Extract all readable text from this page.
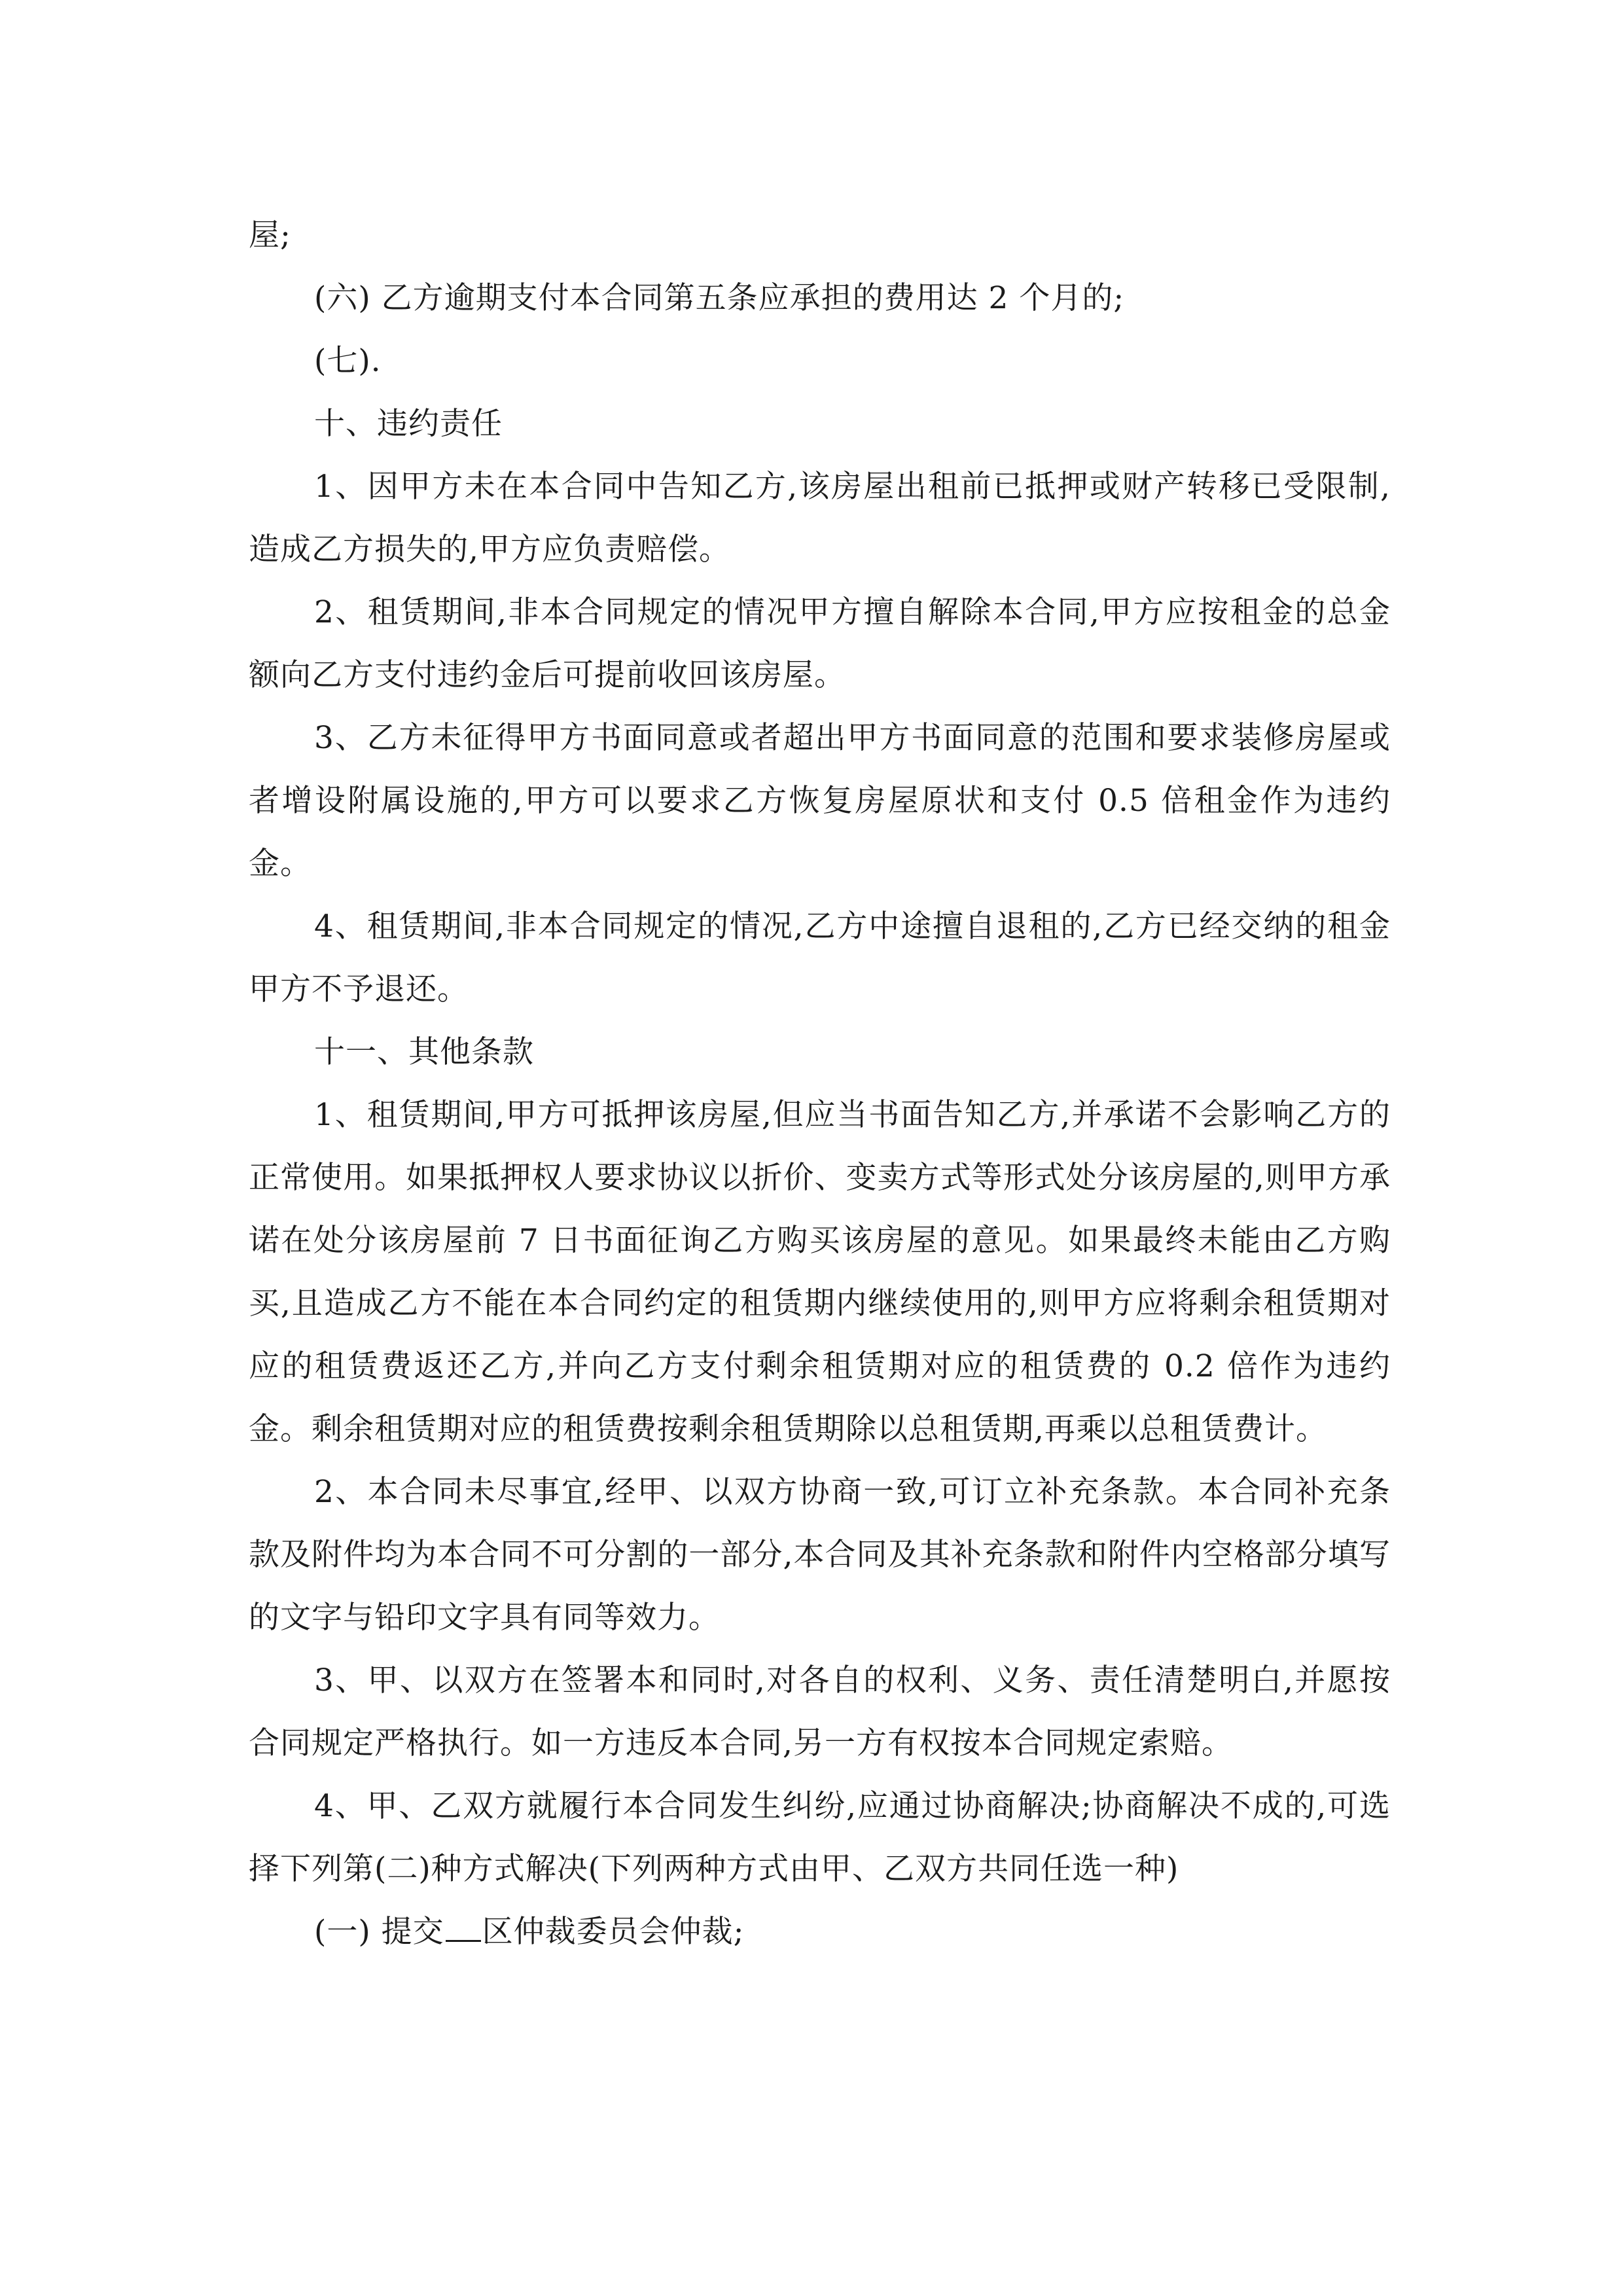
屋;

(六) 乙方逾期支付本合同第五条应承担的费用达 2 个月的;

(七).

十、违约责任

1、因甲方未在本合同中告知乙方,该房屋出租前已抵押或财产转移已受限制,造成乙方损失的,甲方应负责赔偿。

2、租赁期间,非本合同规定的情况甲方擅自解除本合同,甲方应按租金的总金额向乙方支付违约金后可提前收回该房屋。

3、乙方未征得甲方书面同意或者超出甲方书面同意的范围和要求装修房屋或者增设附属设施的,甲方可以要求乙方恢复房屋原状和支付 0.5 倍租金作为违约金。

4、租赁期间,非本合同规定的情况,乙方中途擅自退租的,乙方已经交纳的租金甲方不予退还。

十一、其他条款

1、租赁期间,甲方可抵押该房屋,但应当书面告知乙方,并承诺不会影响乙方的正常使用。如果抵押权人要求协议以折价、变卖方式等形式处分该房屋的,则甲方承诺在处分该房屋前 7 日书面征询乙方购买该房屋的意见。如果最终未能由乙方购买,且造成乙方不能在本合同约定的租赁期内继续使用的,则甲方应将剩余租赁期对应的租赁费返还乙方,并向乙方支付剩余租赁期对应的租赁费的 0.2 倍作为违约金。剩余租赁期对应的租赁费按剩余租赁期除以总租赁期,再乘以总租赁费计。

2、本合同未尽事宜,经甲、以双方协商一致,可订立补充条款。本合同补充条款及附件均为本合同不可分割的一部分,本合同及其补充条款和附件内空格部分填写的文字与铅印文字具有同等效力。

3、甲、以双方在签署本和同时,对各自的权利、义务、责任清楚明白,并愿按合同规定严格执行。如一方违反本合同,另一方有权按本合同规定索赔。

4、甲、乙双方就履行本合同发生纠纷,应通过协商解决;协商解决不成的,可选择下列第(二)种方式解决(下列两种方式由甲、乙双方共同任选一种)

(一) 提交 区仲裁委员会仲裁;
